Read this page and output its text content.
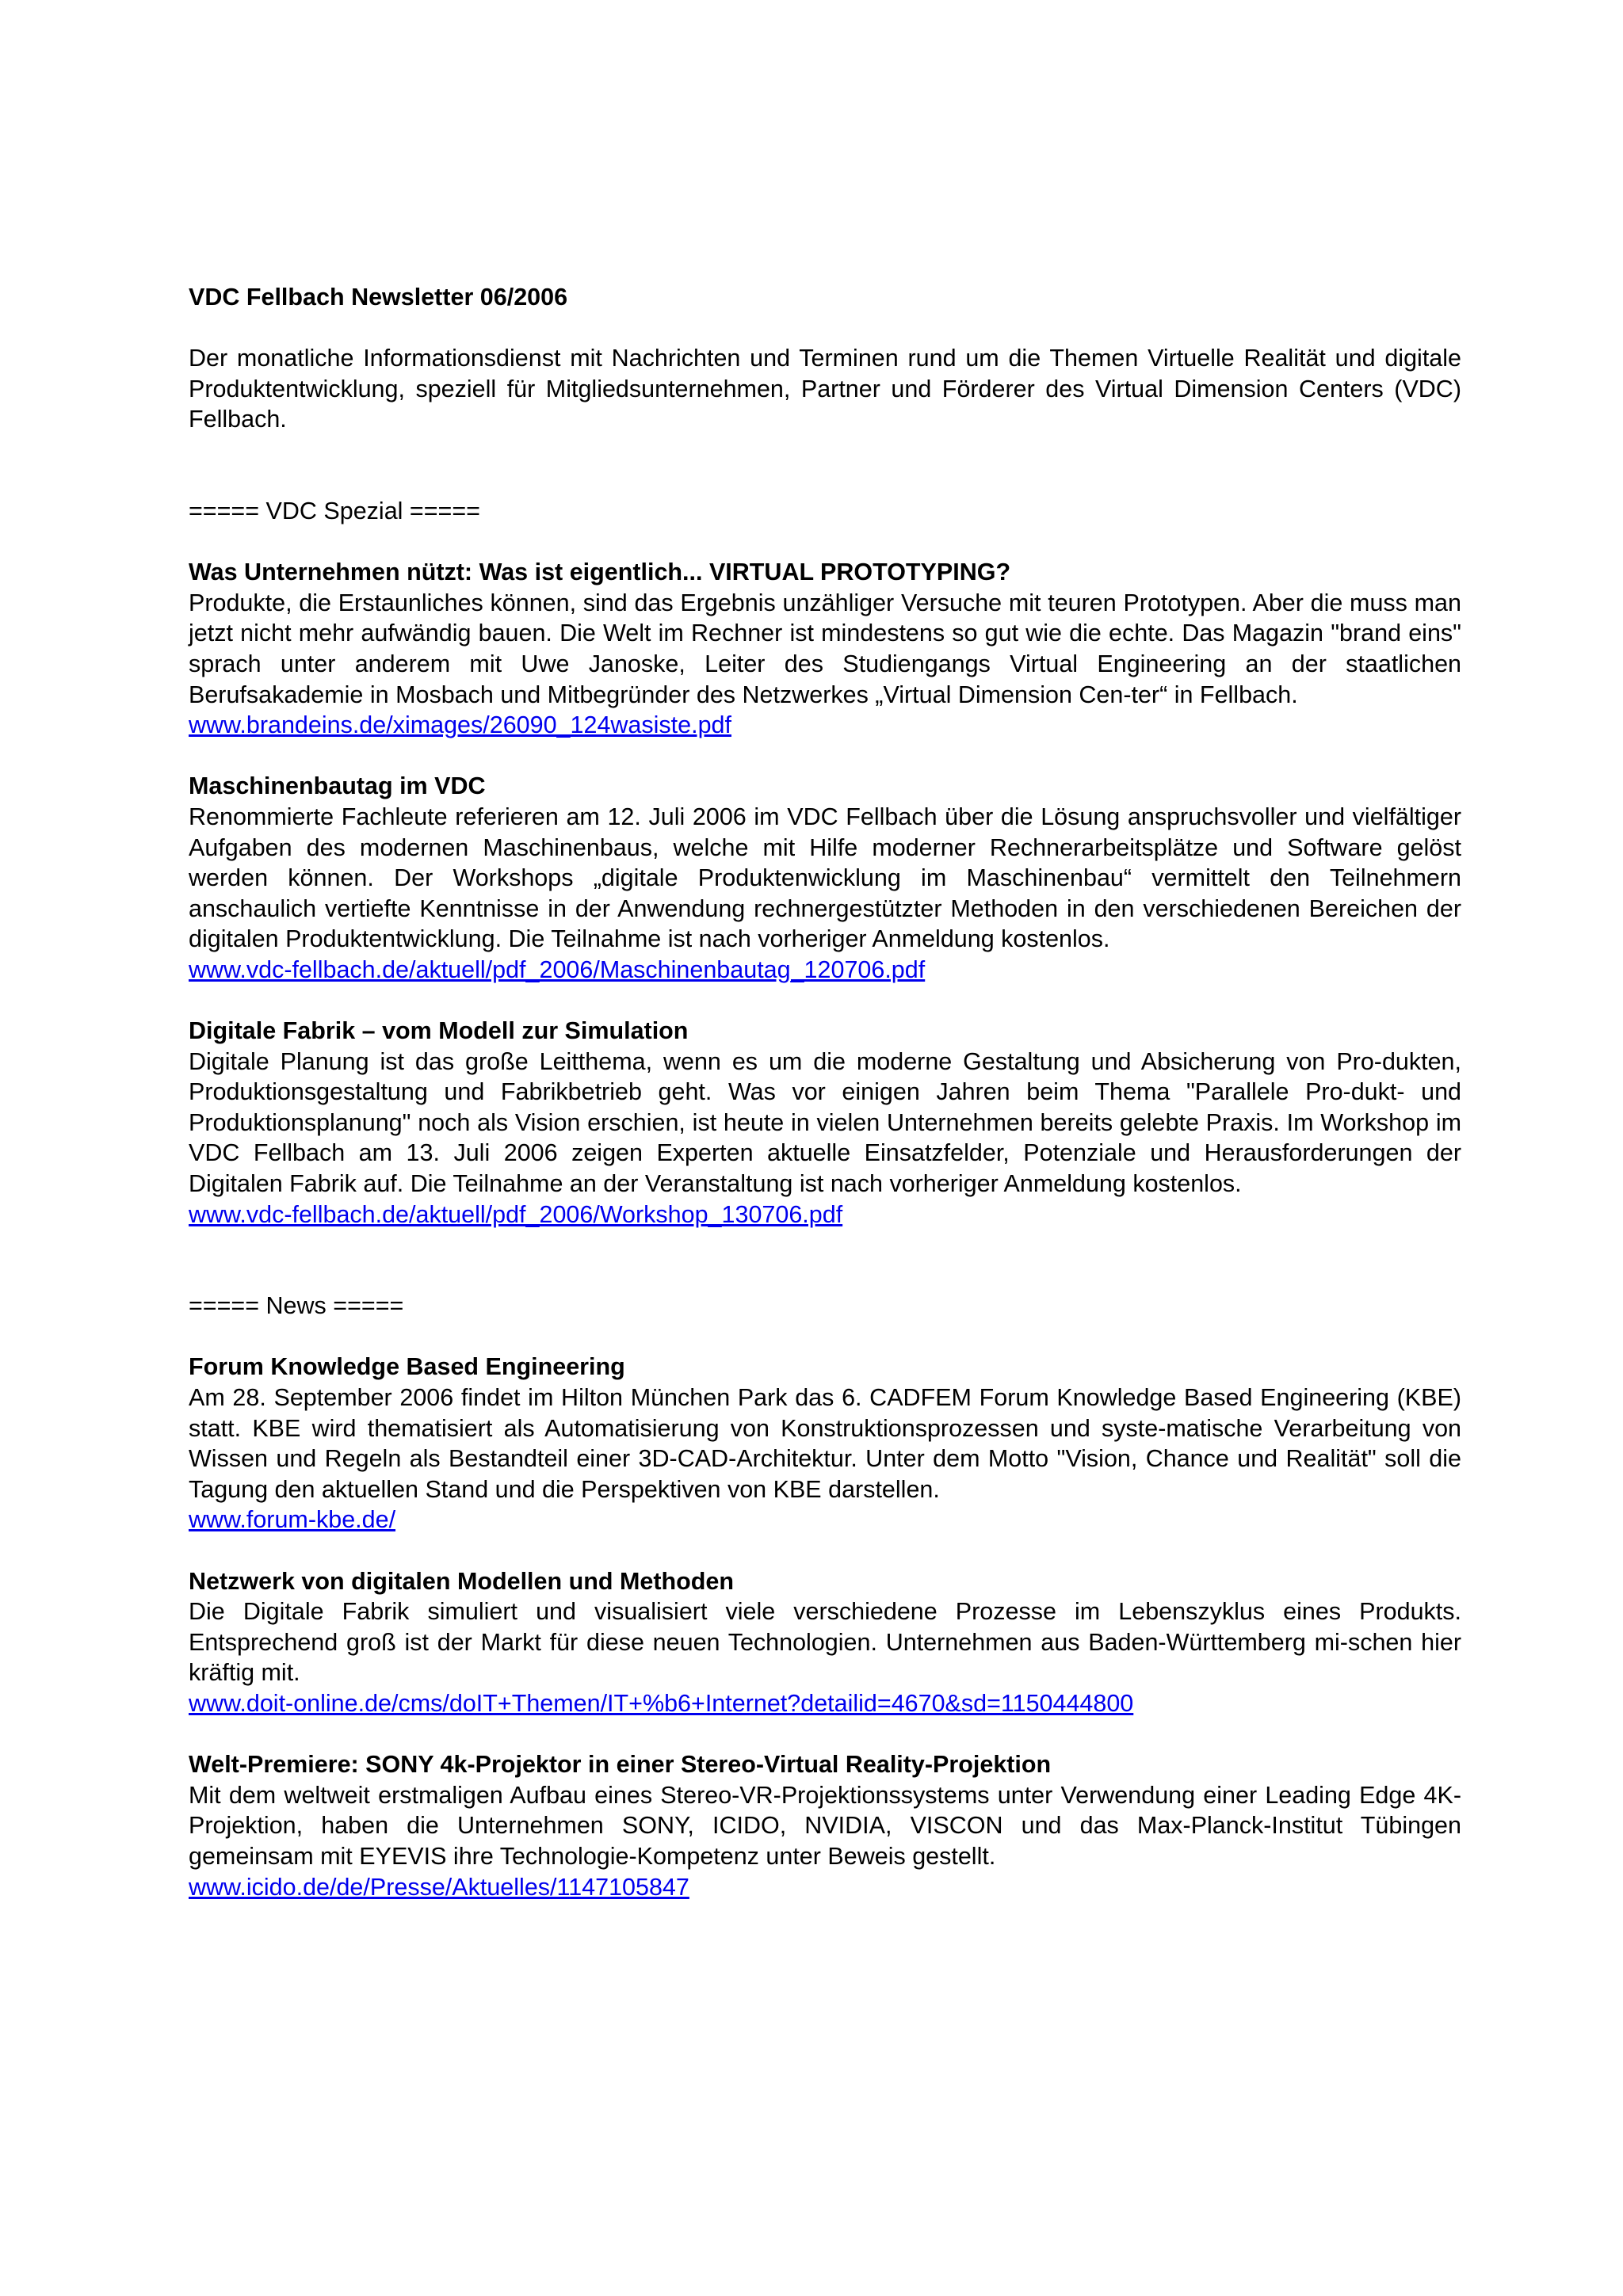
VDC Fellbach Newsletter 06/2006

Der monatliche Informationsdienst mit Nachrichten und Terminen rund um die Themen Virtuelle Realität und digitale Produktentwicklung, speziell für Mitgliedsunternehmen, Partner und Förderer des Virtual Dimension Centers (VDC) Fellbach.

===== VDC Spezial =====

Was Unternehmen nützt: Was ist eigentlich... VIRTUAL PROTOTYPING?

Produkte, die Erstaunliches können, sind das Ergebnis unzähliger Versuche mit teuren Prototypen. Aber die muss man jetzt nicht mehr aufwändig bauen. Die Welt im Rechner ist mindestens so gut wie die echte. Das Magazin "brand eins" sprach unter anderem mit Uwe Janoske, Leiter des Studiengangs Virtual Engineering an der staatlichen Berufsakademie in Mosbach und Mitbegründer des Netzwerkes „Virtual Dimension Cen-ter“ in Fellbach.

www.brandeins.de/ximages/26090_124wasiste.pdf

Maschinenbautag im VDC

Renommierte Fachleute referieren am 12. Juli 2006 im VDC Fellbach über die Lösung anspruchsvoller und vielfältiger Aufgaben des modernen Maschinenbaus, welche mit Hilfe moderner Rechnerarbeitsplätze und Software gelöst werden können. Der Workshops „digitale Produktenwicklung im Maschinenbau“ vermittelt den Teilnehmern anschaulich vertiefte Kenntnisse in der Anwendung rechnergestützter Methoden in den verschiedenen Bereichen der digitalen Produktentwicklung. Die Teilnahme ist nach vorheriger Anmeldung kostenlos.

www.vdc-fellbach.de/aktuell/pdf_2006/Maschinenbautag_120706.pdf

Digitale Fabrik – vom Modell zur Simulation

Digitale Planung ist das große Leitthema, wenn es um die moderne Gestaltung und Absicherung von Pro-dukten, Produktionsgestaltung und Fabrikbetrieb geht. Was vor einigen Jahren beim Thema "Parallele Pro-dukt- und Produktionsplanung" noch als Vision erschien, ist heute in vielen Unternehmen bereits gelebte Praxis. Im Workshop im VDC Fellbach am 13. Juli 2006 zeigen Experten aktuelle Einsatzfelder, Potenziale und Herausforderungen der Digitalen Fabrik auf. Die Teilnahme an der Veranstaltung ist nach vorheriger Anmeldung kostenlos.

www.vdc-fellbach.de/aktuell/pdf_2006/Workshop_130706.pdf

===== News =====

Forum Knowledge Based Engineering

Am 28. September 2006 findet im Hilton München Park das 6. CADFEM Forum Knowledge Based Engineering (KBE) statt. KBE wird thematisiert als Automatisierung von Konstruktionsprozessen und syste-matische Verarbeitung von Wissen und Regeln als Bestandteil einer 3D-CAD-Architektur. Unter dem Motto "Vision, Chance und Realität" soll die Tagung den aktuellen Stand und die Perspektiven von KBE darstellen.

www.forum-kbe.de/

Netzwerk von digitalen Modellen und Methoden

Die Digitale Fabrik simuliert und visualisiert viele verschiedene Prozesse im Lebenszyklus eines Produkts. Entsprechend groß ist der Markt für diese neuen Technologien. Unternehmen aus Baden-Württemberg mi-schen hier kräftig mit.

www.doit-online.de/cms/doIT+Themen/IT+%b6+Internet?detailid=4670&sd=1150444800

Welt-Premiere: SONY 4k-Projektor in einer Stereo-Virtual Reality-Projektion

Mit dem weltweit erstmaligen Aufbau eines Stereo-VR-Projektionssystems unter Verwendung einer Leading Edge 4K-Projektion, haben die Unternehmen SONY, ICIDO, NVIDIA, VISCON und das Max-Planck-Institut Tübingen gemeinsam mit EYEVIS ihre Technologie-Kompetenz unter Beweis gestellt.

www.icido.de/de/Presse/Aktuelles/1147105847
